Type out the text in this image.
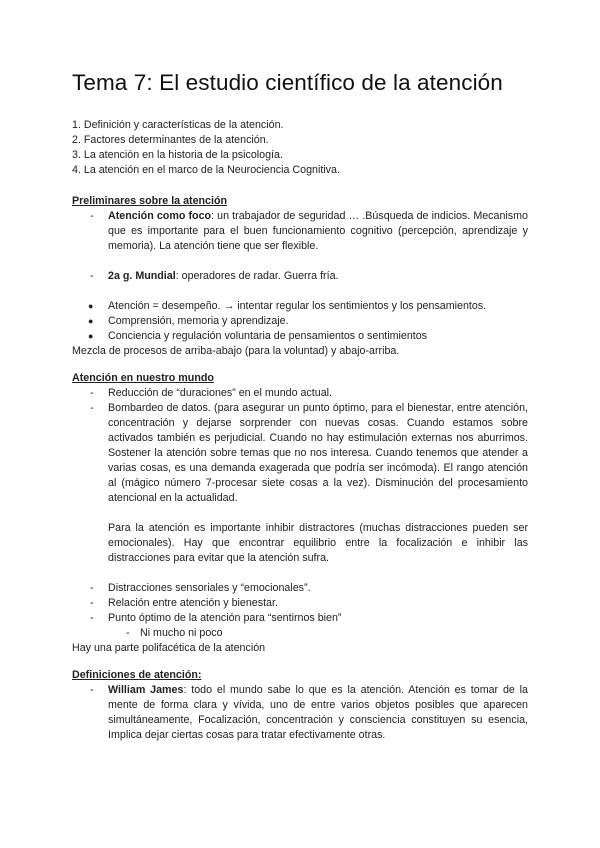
Tema 7: El estudio científico de la atención
1. Definición y características de la atención.
2. Factores determinantes de la atención.
3. La atención en la historia de la psicología.
4. La atención en el marco de la Neurociencia Cognitiva.
Preliminares sobre la atención
- Atención como foco: un trabajador de seguridad … .Búsqueda de indicios. Mecanismo que es importante para el buen funcionamiento cognitivo (percepción, aprendizaje y memoria). La atención tiene que ser flexible.
- 2a g. Mundial: operadores de radar. Guerra fría.
● Atención = desempeño. → intentar regular los sentimientos y los pensamientos.
● Comprensión, memoria y aprendizaje.
● Conciencia y regulación voluntaria de pensamientos o sentimientos
Mezcla de procesos de arriba-abajo (para la voluntad) y abajo-arriba.
Atención en nuestro mundo
- Reducción de “duraciones” en el mundo actual.
- Bombardeo de datos. (para asegurar un punto óptimo, para el bienestar, entre atención, concentración y dejarse sorprender con nuevas cosas. Cuando estamos sobre activados también es perjudicial. Cuando no hay estimulación externas nos aburrimos. Sostener la atención sobre temas que no nos interesa. Cuando tenemos que atender a varias cosas, es una demanda exagerada que podría ser incómoda). El rango atención al (mágico número 7-procesar siete cosas a la vez). Disminución del procesamiento atencional en la actualidad.
Para la atención es importante inhibir distractores (muchas distracciones pueden ser emocionales). Hay que encontrar equilibrio entre la focalización e inhibir las distracciones para evitar que la atención sufra.
- Distracciones sensoriales y “emocionales”.
- Relación entre atención y bienestar.
- Punto óptimo de la atención para “sentirnos bien”
- Ni mucho ni poco
Hay una parte polifacética de la atención
Definiciones de atención:
- William James: todo el mundo sabe lo que es la atención. Atención es tomar de la mente de forma clara y vívida, uno de entre varios objetos posibles que aparecen simultáneamente, Focalización, concentración y consciencia constituyen su esencia, Implica dejar ciertas cosas para tratar efectivamente otras.
